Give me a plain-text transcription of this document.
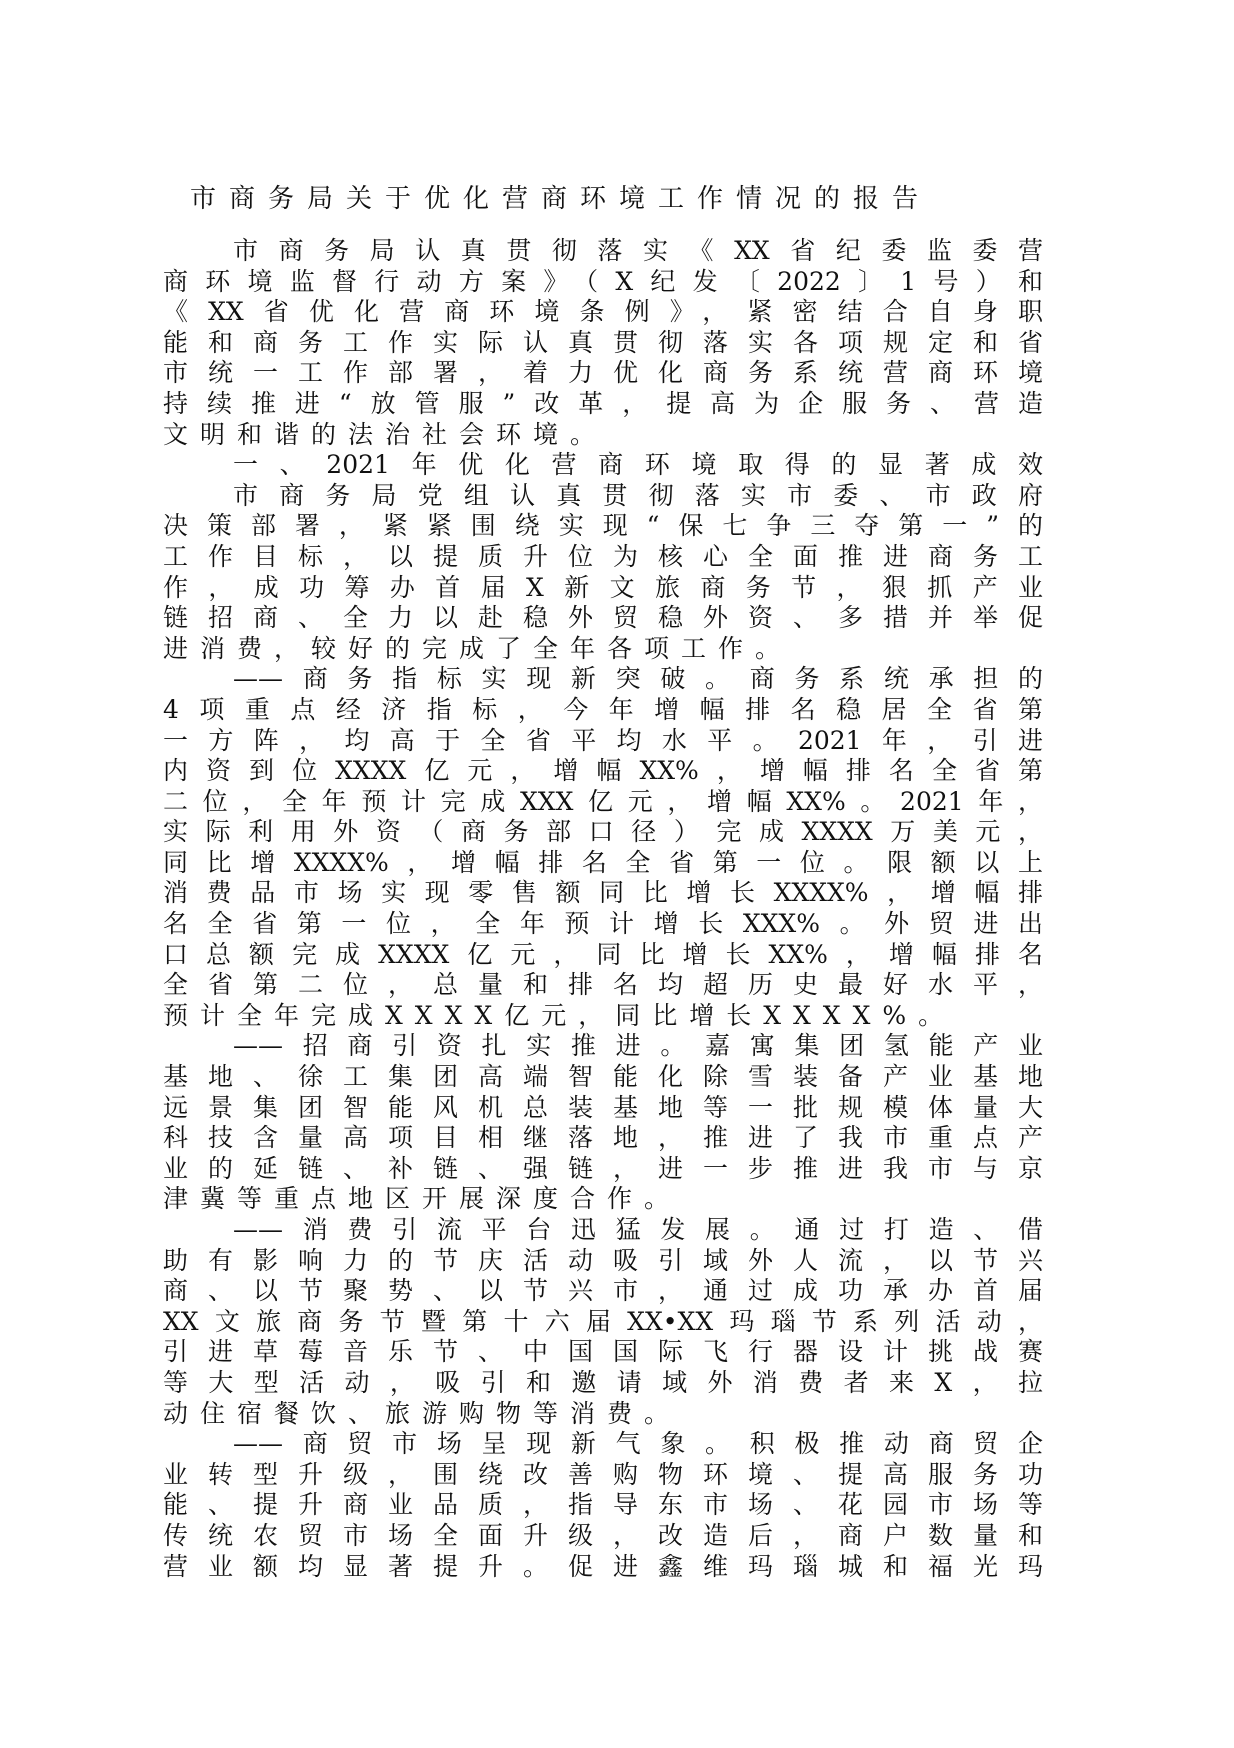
市商务局关于优化营商环境工作情况的报告
市商务局认真贯彻落实《XX省纪委监委营
商环境监督行动方案》（X纪发〔2022〕1号）和
《XX省优化营商环境条例》，紧密结合自身职
能和商务工作实际认真贯彻落实各项规定和省
市统一工作部署，着力优化商务系统营商环境
持续推进“放管服”改革，提高为企服务、营造
文明和谐的法治社会环境。
一、2021年优化营商环境取得的显著成效
市商务局党组认真贯彻落实市委、市政府
决策部署，紧紧围绕实现“保七争三夺第一”的
工作目标，以提质升位为核心全面推进商务工
作，成功筹办首届X新文旅商务节，狠抓产业
链招商、全力以赴稳外贸稳外资、多措并举促
进消费，较好的完成了全年各项工作。
——商务指标实现新突破。商务系统承担的
4项重点经济指标，今年增幅排名稳居全省第
一方阵，均高于全省平均水平。2021年，引进
内资到位XXXX亿元，增幅XX%，增幅排名全省第
二位，全年预计完成XXX亿元，增幅XX%。2021年，
实际利用外资（商务部口径）完成XXXX万美元，
同比增XXXX%，增幅排名全省第一位。限额以上
消费品市场实现零售额同比增长XXXX%，增幅排
名全省第一位，全年预计增长XXX%。外贸进出
口总额完成XXXX亿元，同比增长XX%，增幅排名
全省第二位，总量和排名均超历史最好水平，
预计全年完成XXXX亿元，同比增长XXXX%。
——招商引资扎实推进。嘉寓集团氢能产业
基地、徐工集团高端智能化除雪装备产业基地
远景集团智能风机总装基地等一批规模体量大
科技含量高项目相继落地，推进了我市重点产
业的延链、补链、强链，进一步推进我市与京
津冀等重点地区开展深度合作。
——消费引流平台迅猛发展。通过打造、借
助有影响力的节庆活动吸引域外人流，以节兴
商、以节聚势、以节兴市，通过成功承办首届
XX文旅商务节暨第十六届XX•XX玛瑙节系列活动，
引进草莓音乐节、中国国际飞行器设计挑战赛
等大型活动，吸引和邀请域外消费者来X，拉
动住宿餐饮、旅游购物等消费。
——商贸市场呈现新气象。积极推动商贸企
业转型升级，围绕改善购物环境、提高服务功
能、提升商业品质，指导东市场、花园市场等
传统农贸市场全面升级，改造后，商户数量和
营业额均显著提升。促进鑫维玛瑙城和福光玛
